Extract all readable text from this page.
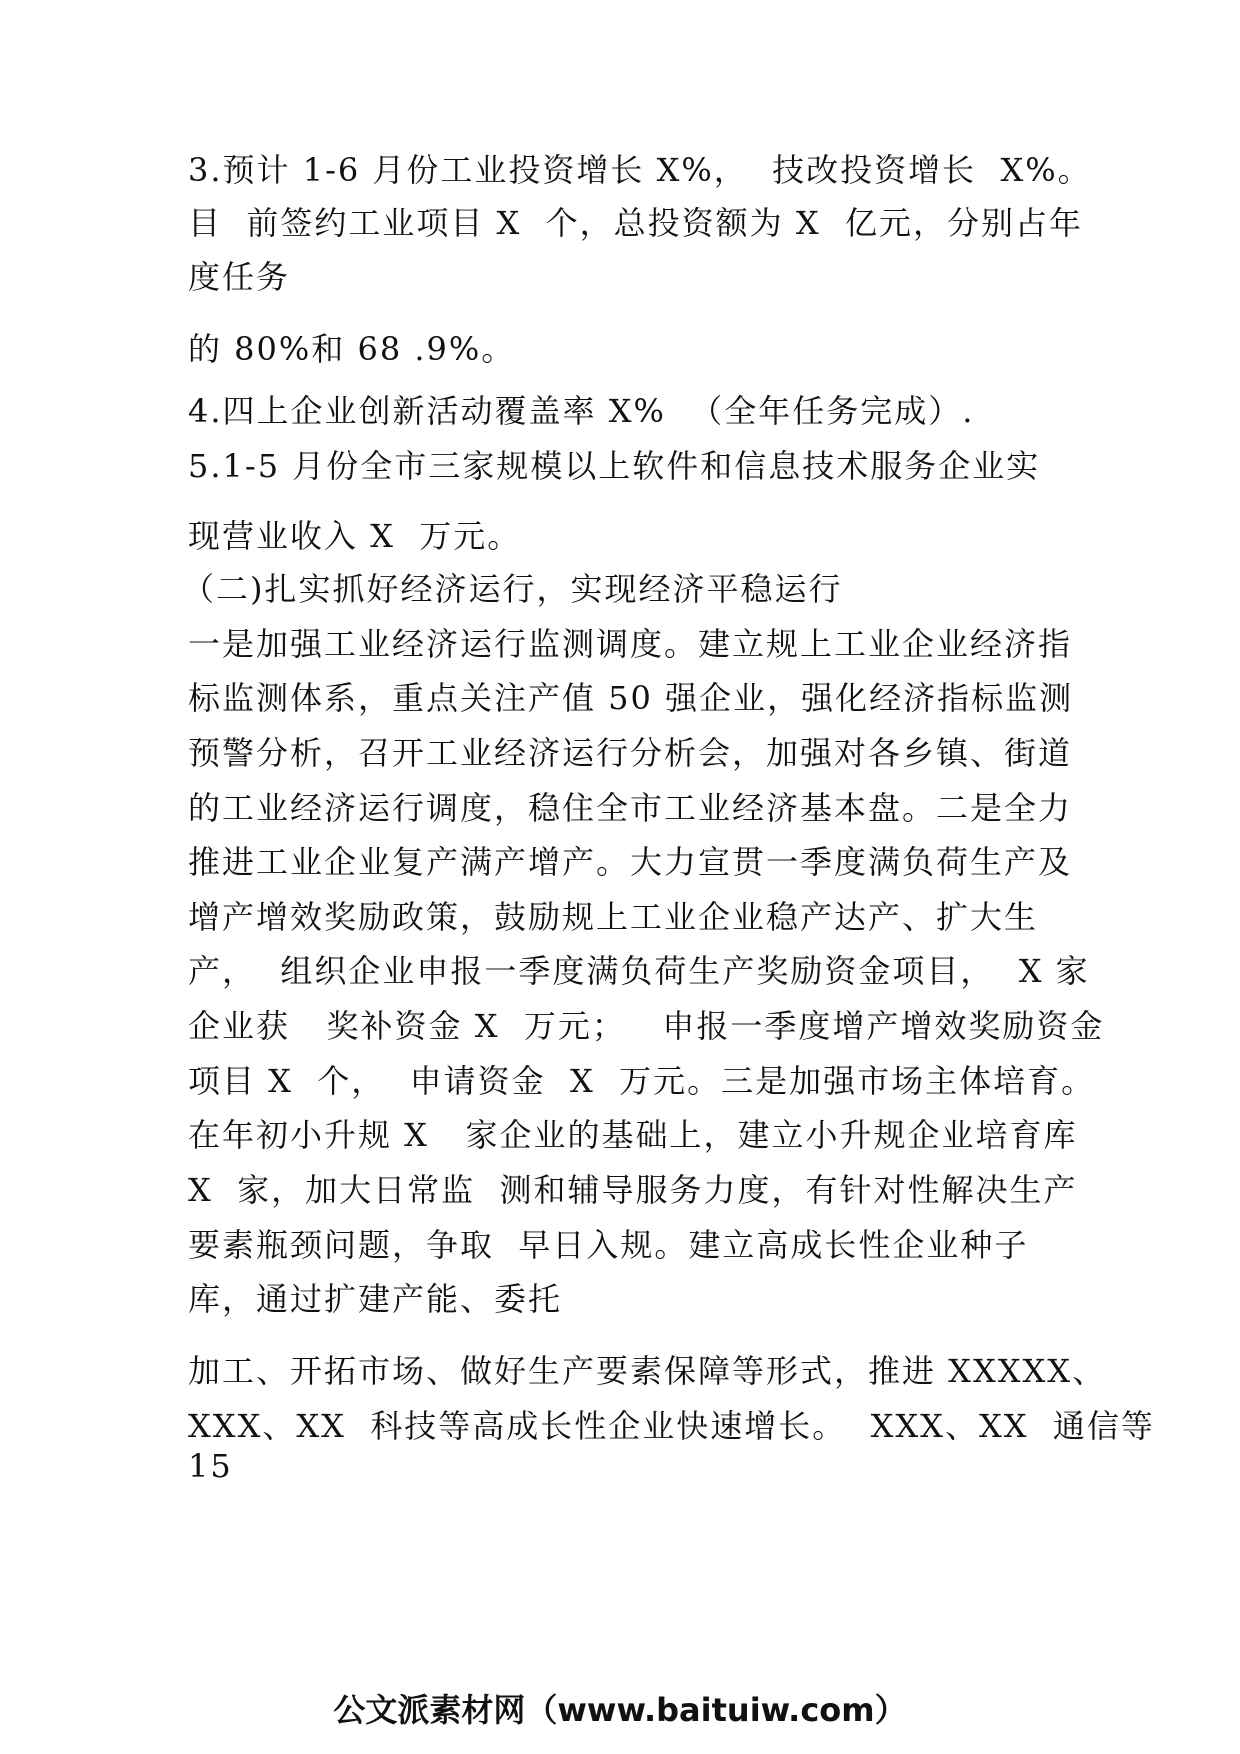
3.预计 1-6 月份工业投资增长 X%，  技改投资增长  X%。
目  前签约工业项目 X  个，总投资额为 X  亿元，分别占年
度任务
的 80%和 68 .9%。
4.四上企业创新活动覆盖率 X%  （全年任务完成）.
5.1-5 月份全市三家规模以上软件和信息技术服务企业实
现营业收入 X  万元。
（二)扎实抓好经济运行，实现经济平稳运行
一是加强工业经济运行监测调度。建立规上工业企业经济指
标监测体系，重点关注产值 50 强企业，强化经济指标监测
预警分析，召开工业经济运行分析会，加强对各乡镇、街道
的工业经济运行调度，稳住全市工业经济基本盘。二是全力
推进工业企业复产满产增产。大力宣贯一季度满负荷生产及
增产增效奖励政策，鼓励规上工业企业稳产达产、扩大生
产，  组织企业申报一季度满负荷生产奖励资金项目，  X 家
企业获   奖补资金 X  万元；   申报一季度增产增效奖励资金
项目 X  个，  申请资金  X  万元。三是加强市场主体培育。
在年初小升规 X   家企业的基础上，建立小升规企业培育库
X  家，加大日常监  测和辅导服务力度，有针对性解决生产
要素瓶颈问题，争取  早日入规。建立高成长性企业种子
库，通过扩建产能、委托
加工、开拓市场、做好生产要素保障等形式，推进 XXXXX、
XXX、XX  科技等高成长性企业快速增长。  XXX、XX  通信等
15
公文派素材网（www.baituiw.com）
